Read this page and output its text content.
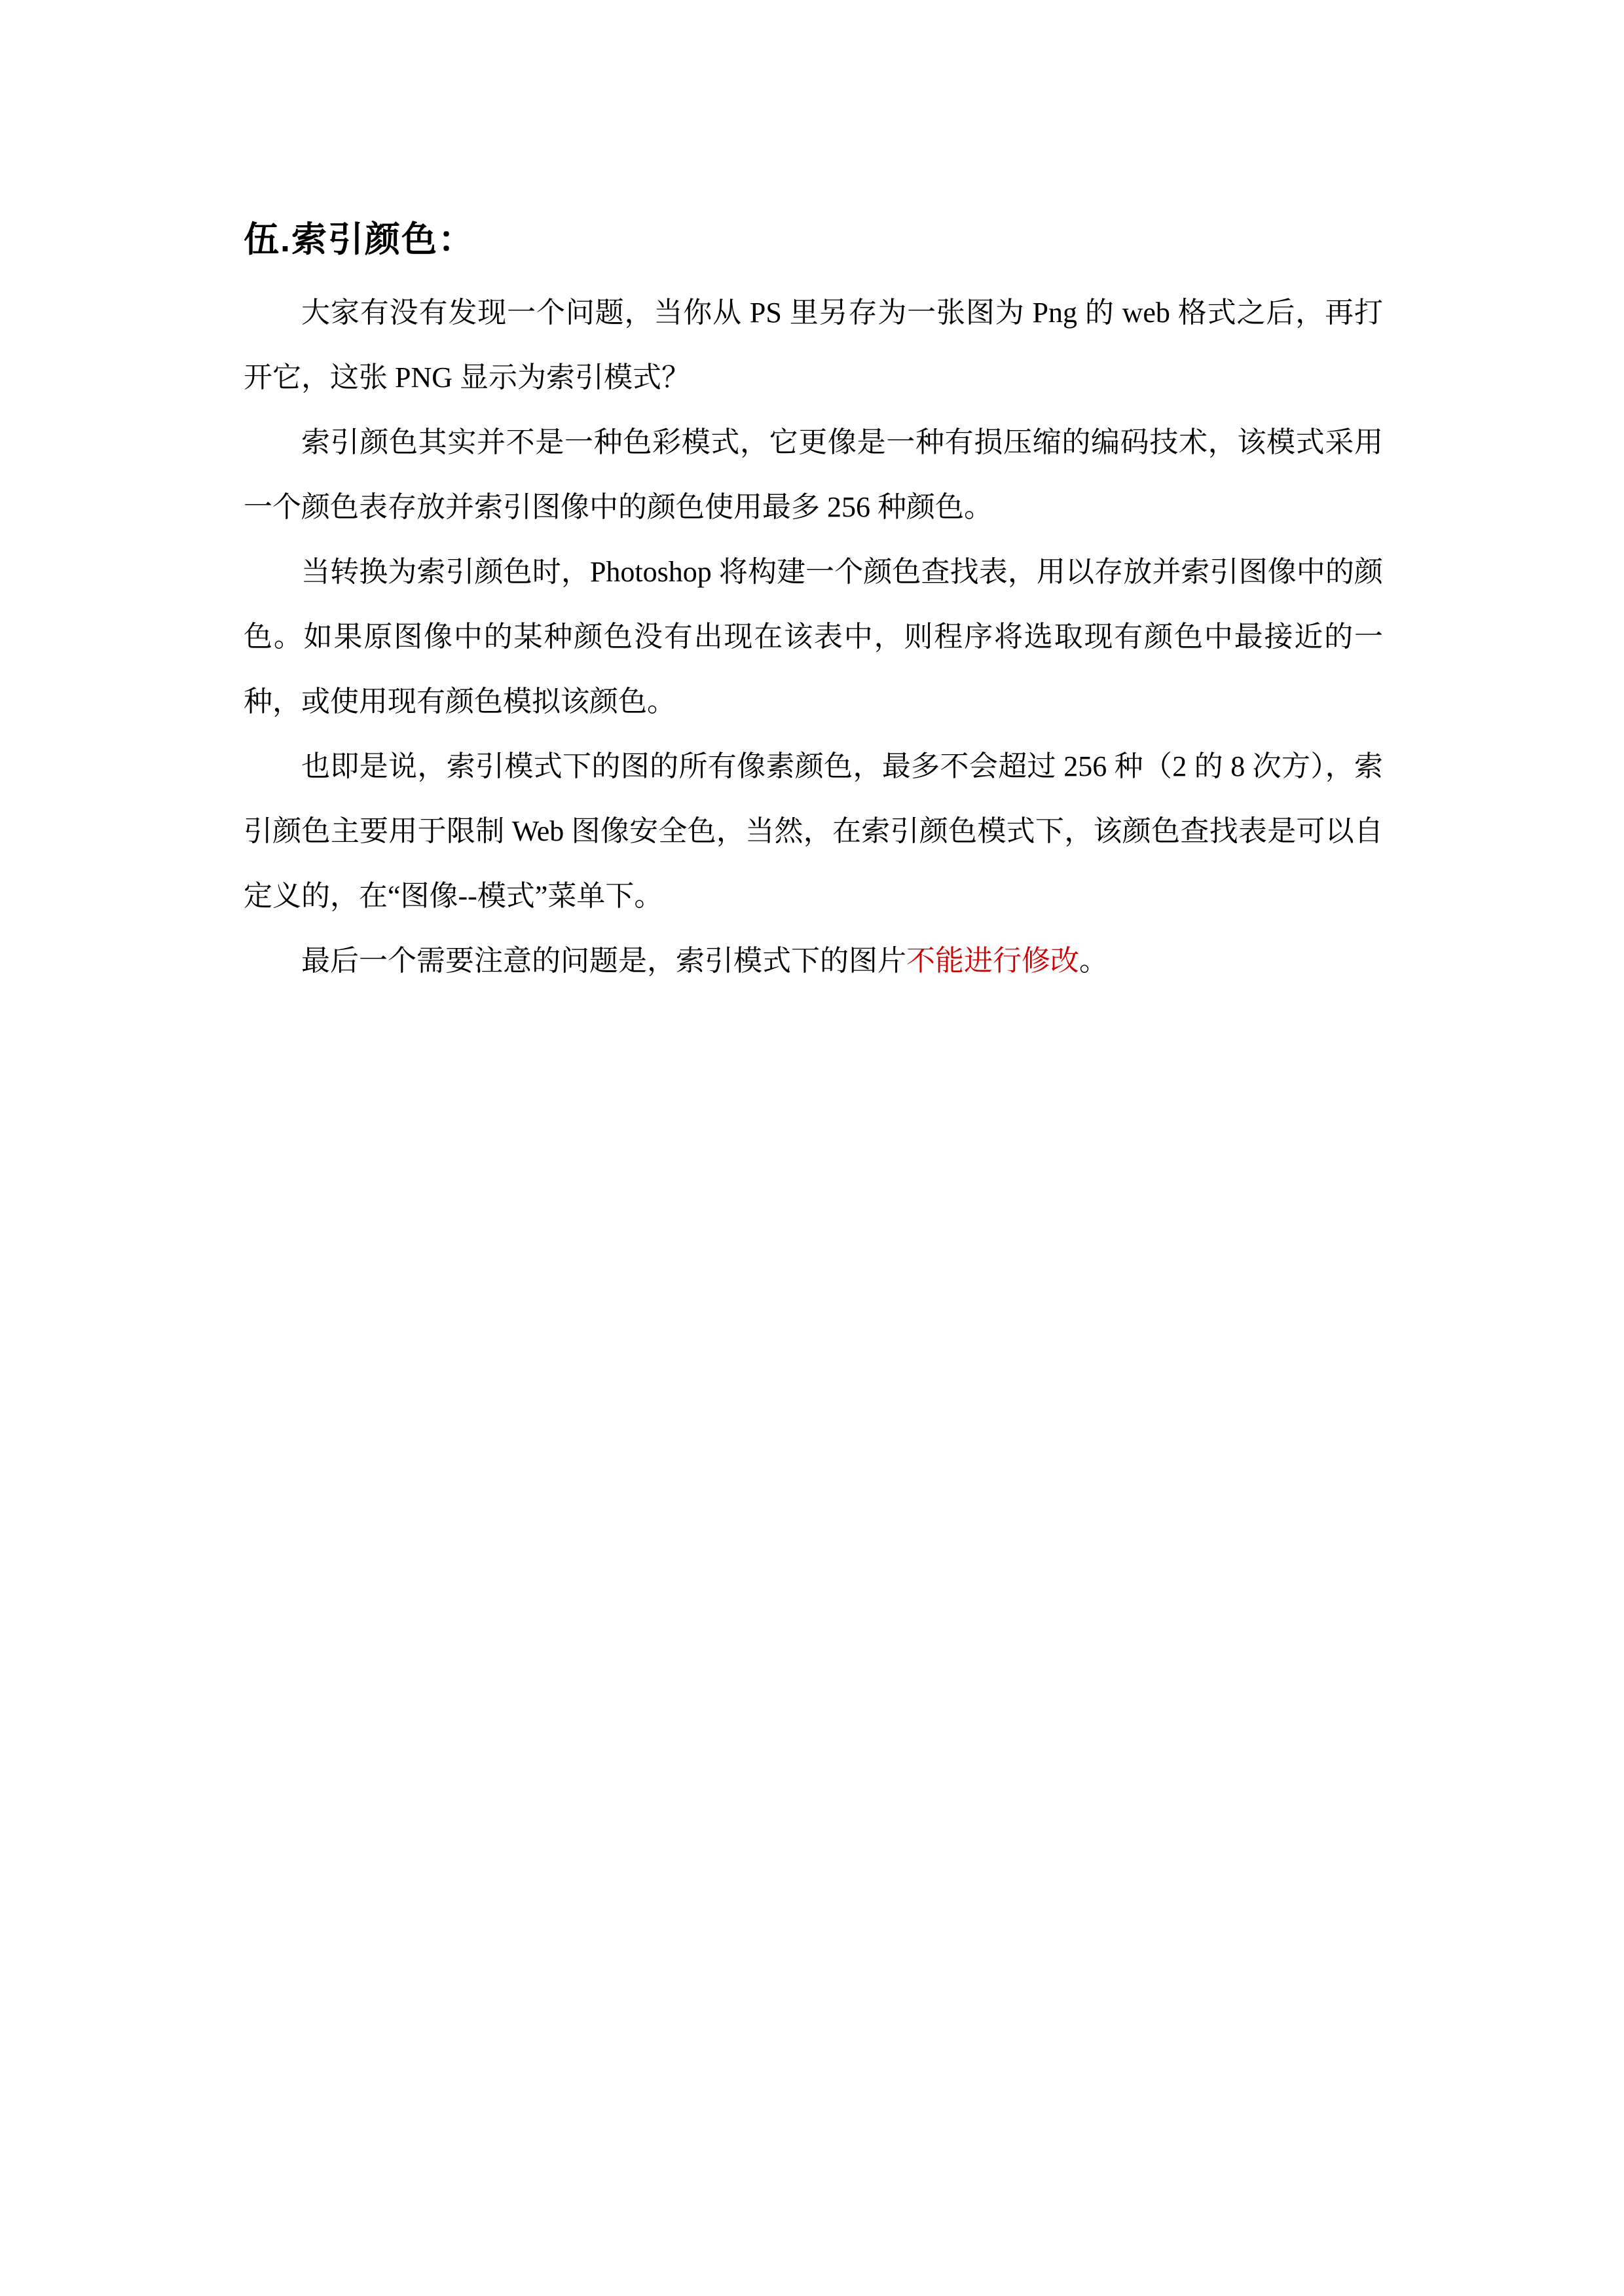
伍.索引颜色：

大家有没有发现一个问题，当你从 PS 里另存为一张图为 Png 的 web 格式之后，再打开它，这张 PNG 显示为索引模式？

索引颜色其实并不是一种色彩模式，它更像是一种有损压缩的编码技术，该模式采用一个颜色表存放并索引图像中的颜色使用最多 256 种颜色。

当转换为索引颜色时，Photoshop 将构建一个颜色查找表，用以存放并索引图像中的颜色。如果原图像中的某种颜色没有出现在该表中，则程序将选取现有颜色中最接近的一种，或使用现有颜色模拟该颜色。

也即是说，索引模式下的图的所有像素颜色，最多不会超过 256 种（2 的 8 次方），索引颜色主要用于限制 Web 图像安全色，当然，在索引颜色模式下，该颜色查找表是可以自定义的，在“图像--模式”菜单下。

最后一个需要注意的问题是，索引模式下的图片不能进行修改。
